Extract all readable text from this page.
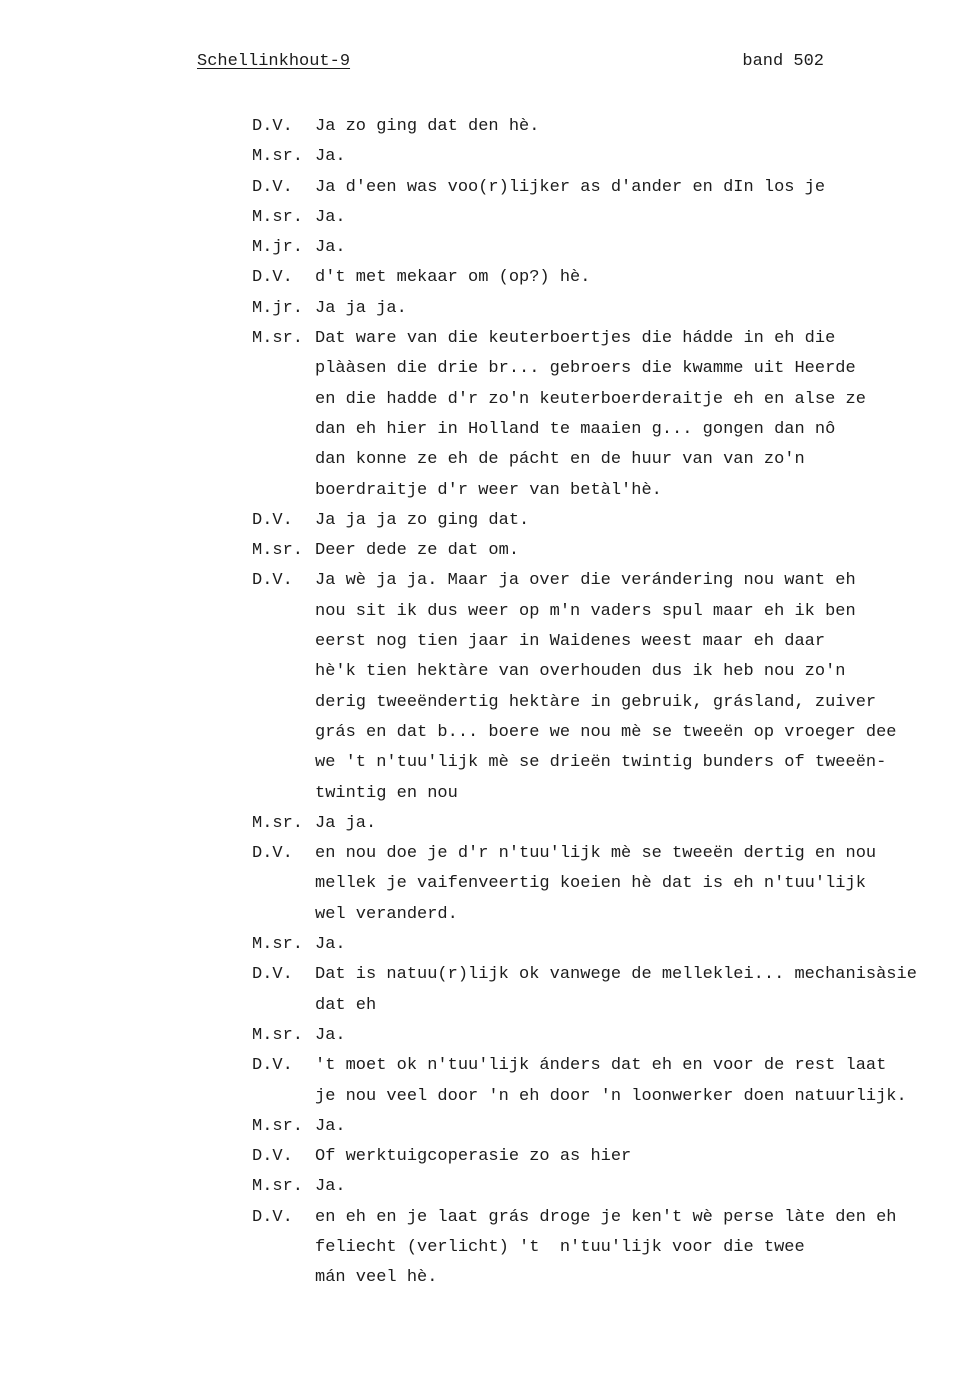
Schellinkhout-9	band 502
D.V.	Ja zo ging dat den hè.
M.sr. Ja.
D.V.	Ja d'een was voo(r)lijker as d'ander en dIn los je
M.sr. Ja.
M.jr. Ja.
D.V.	d't met mekaar om (op?) hè.
M.jr. Ja ja ja.
M.sr. Dat ware van die keuterboertjes die hádde in eh die
plààsen die drie br... gebroers die kwamme uit Heerde
en die hadde d'r zo'n keuterboerderaitje eh en alse ze
dan eh hier in Holland te maaien g... gongen dan nô
dan konne ze eh de pácht en de huur van van zo'n
boerdraitje d'r weer van betàl'hè.
D.V.	Ja ja ja zo ging dat.
M.sr. Deer dede ze dat om.
D.V.	Ja wè ja ja. Maar ja over die verándering nou want eh
nou sit ik dus weer op m'n vaders spul maar eh ik ben
eerst nog tien jaar in Waidenes weest maar eh daar
hè'k tien hektàre van overhouden dus ik heb nou zo'n
derig tweeëndertig hektàre in gebruik, grásland, zuiver
grás en dat b... boere we nou mè se tweeën op vroeger dee
we 't n'tuu'lijk mè se drieën twintig bunders of tweeën-
twintig en nou
M.sr. Ja ja.
D.V.	en nou doe je d'r n'tuu'lijk mè se tweeën dertig en nou
mellek je vaifenveertig koeien hè dat is eh n'tuu'lijk
wel veranderd.
M.sr. Ja.
D.V.	Dat is natuu(r)lijk ok vanwege de melleklei... mechanisàsie
dat eh
M.sr. Ja.
D.V.	't moet ok n'tuu'lijk ánders dat eh en voor de rest laat
je nou veel door 'n eh door 'n loonwerker doen natuurlijk.
M.sr. Ja.
D.V.	Of werktuigcoperasie zo as hier
M.sr. Ja.
D.V.	en eh en je laat grás droge je ken't wè perse làte den eh
feliecht (verlicht) 't  n'tuu'lijk voor die twee
mán veel hè.
